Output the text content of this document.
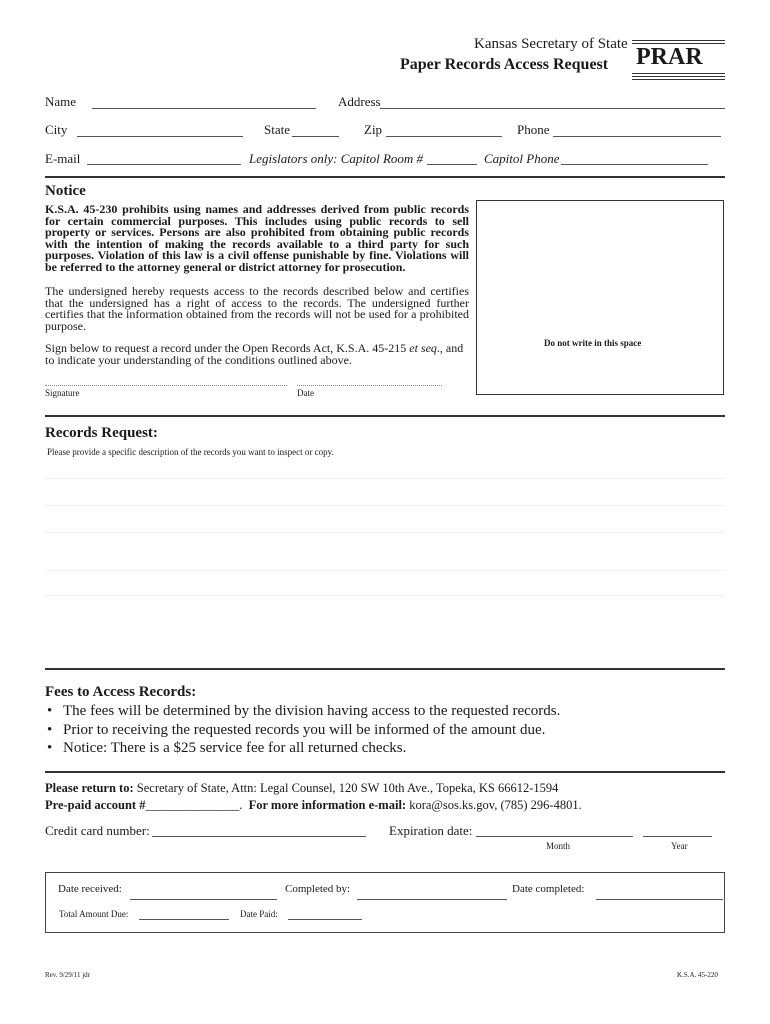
Kansas Secretary of State
Paper Records Access Request PRAR
Name	Address
City	State	Zip	Phone
E-mail	Legislators only: Capitol Room #	Capitol Phone
Notice
K.S.A. 45-230 prohibits using names and addresses derived from public records for certain commercial purposes. This includes using public records to sell property or services. Persons are also prohibited from obtaining public records with the intention of making the records available to a third party for such purposes. Violation of this law is a civil offense punishable by fine. Violations will be referred to the attorney general or district attorney for prosecution.
The undersigned hereby requests access to the records described below and certifies that the undersigned has a right of access to the records. The undersigned further certifies that the information obtained from the records will not be used for a prohibited purpose.
Sign below to request a record under the Open Records Act, K.S.A. 45-215 et seq., and to indicate your understanding of the conditions outlined above.
Signature	Date
Do not write in this space
Records Request:
Please provide a specific description of the records you want to inspect or copy.
Fees to Access Records:
• The fees will be determined by the division having access to the requested records.
• Prior to receiving the requested records you will be informed of the amount due.
• Notice: There is a $25 service fee for all returned checks.
Please return to: Secretary of State, Attn: Legal Counsel, 120 SW 10th Ave., Topeka, KS 66612-1594
Pre-paid account #_______________.  For more information e-mail: kora@sos.ks.gov, (785) 296-4801.
Credit card number:	Expiration date:
Month	Year
Date received:	Completed by:	Date completed:
Total Amount Due:	Date Paid:
Rev. 9/29/11 jdr	K.S.A. 45-220
